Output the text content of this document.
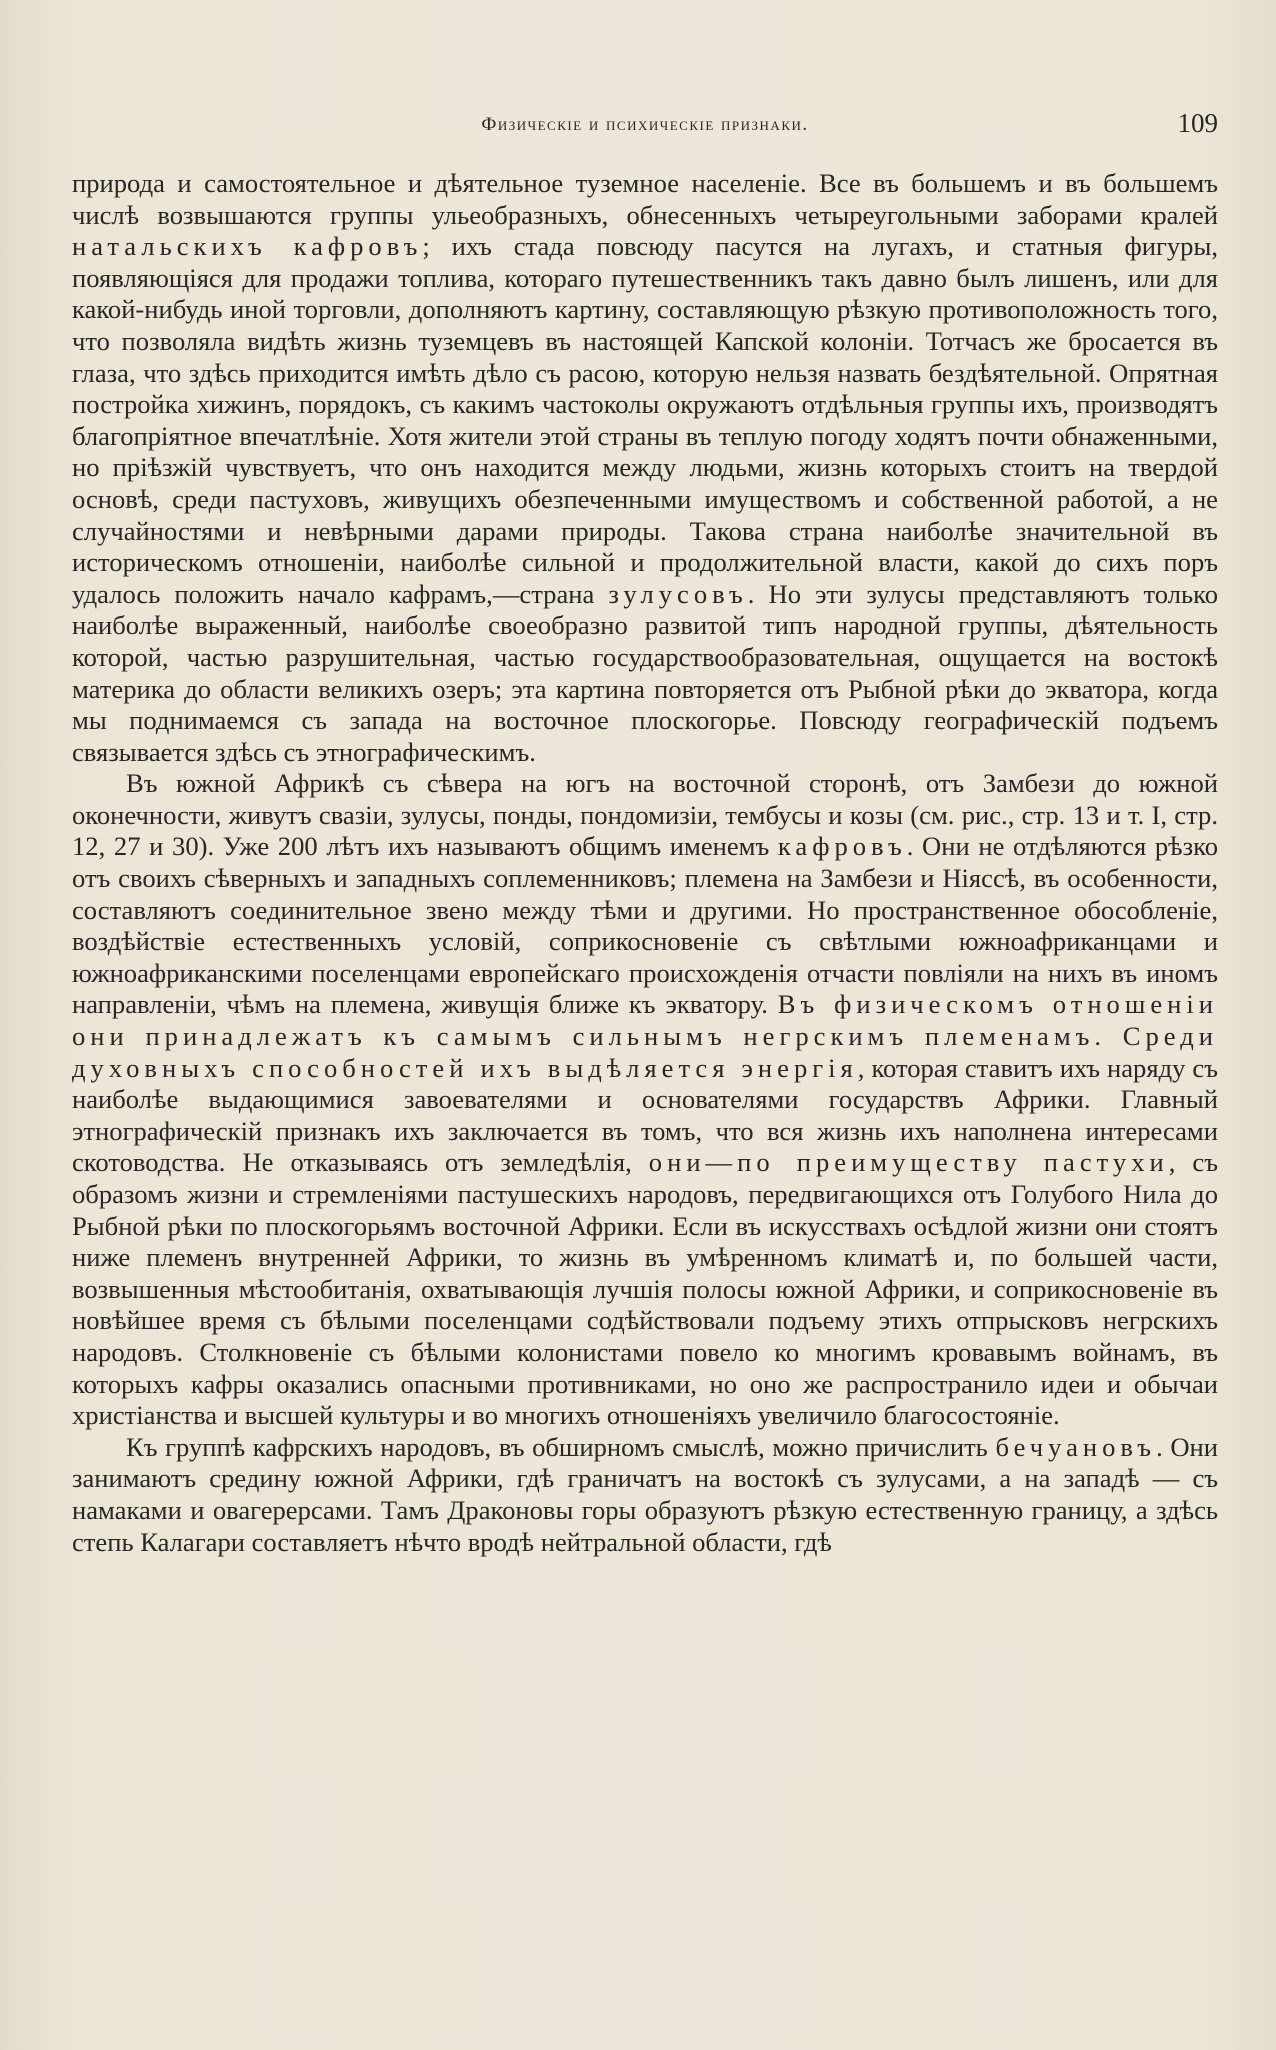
Физическіе и психическіе признаки.	109

природа и самостоятельное и дѣятельное туземное населеніе. Все въ большемъ и въ большемъ числѣ возвышаются группы ульеобразныхъ, обнесенныхъ четыреугольными заборами кралей натальскихъ кафровъ; ихъ стада повсюду пасутся на лугахъ, и статныя фигуры, появляющіяся для продажи топлива, котораго путешественникъ такъ давно былъ лишенъ, или для какой-нибудь иной торговли, дополняютъ картину, составляющую рѣзкую противоположность того, что позволяла видѣть жизнь туземцевъ въ настоящей Капской колоніи. Тотчасъ же бросается въ глаза, что здѣсь приходится имѣть дѣло съ расою, которую нельзя назвать бездѣятельной. Опрятная постройка хижинъ, порядокъ, съ какимъ частоколы окружаютъ отдѣльныя группы ихъ, производятъ благопріятное впечатлѣніе. Хотя жители этой страны въ теплую погоду ходятъ почти обнаженными, но пріѣзжій чувствуетъ, что онъ находится между людьми, жизнь которыхъ стоитъ на твердой основѣ, среди пастуховъ, живущихъ обезпеченными имуществомъ и собственной работой, а не случайностями и невѣрными дарами природы. Такова страна наиболѣе значительной въ историческомъ отношеніи, наиболѣе сильной и продолжительной власти, какой до сихъ поръ удалось положить начало кафрамъ,—страна зулусовъ. Но эти зулусы представляютъ только наиболѣе выраженный, наиболѣе своеобразно развитой типъ народной группы, дѣятельность которой, частью разрушительная, частью государствообразовательная, ощущается на востокѣ материка до области великихъ озеръ; эта картина повторяется отъ Рыбной рѣки до экватора, когда мы поднимаемся съ запада на восточное плоскогорье. Повсюду географическій подъемъ связывается здѣсь съ этнографическимъ.

Въ южной Африкѣ съ сѣвера на югъ на восточной сторонѣ, отъ Замбези до южной оконечности, живутъ свазіи, зулусы, понды, пондомизіи, тембусы и козы (см. рис., стр. 13 и т. I, стр. 12, 27 и 30). Уже 200 лѣтъ ихъ называютъ общимъ именемъ кафровъ. Они не отдѣляются рѣзко отъ своихъ сѣверныхъ и западныхъ соплеменниковъ; племена на Замбези и Ніяссѣ, въ особенности, составляютъ соединительное звено между тѣми и другими. Но пространственное обособленіе, воздѣйствіе естественныхъ условій, соприкосновеніе съ свѣтлыми южноафриканцами и южноафриканскими поселенцами европейскаго происхожденія отчасти повліяли на нихъ въ иномъ направленіи, чѣмъ на племена, живущія ближе къ экватору. Въ физическомъ отношеніи они принадлежатъ къ самымъ сильнымъ негрскимъ племенамъ. Среди духовныхъ способностей ихъ выдѣляется энергія, которая ставитъ ихъ наряду съ наиболѣе выдающимися завоевателями и основателями государствъ Африки. Главный этнографическій признакъ ихъ заключается въ томъ, что вся жизнь ихъ наполнена интересами скотоводства. Не отказываясь отъ земледѣлія, они—по преимуществу пастухи, съ образомъ жизни и стремленіями пастушескихъ народовъ, передвигающихся отъ Голубого Нила до Рыбной рѣки по плоскогорьямъ восточной Африки. Если въ искусствахъ осѣдлой жизни они стоятъ ниже племенъ внутренней Африки, то жизнь въ умѣренномъ климатѣ и, по большей части, возвышенныя мѣстообитанія, охватывающія лучшія полосы южной Африки, и соприкосновеніе въ новѣйшее время съ бѣлыми поселенцами содѣйствовали подъему этихъ отпрысковъ негрскихъ народовъ. Столкновеніе съ бѣлыми колонистами повело ко многимъ кровавымъ войнамъ, въ которыхъ кафры оказались опасными противниками, но оно же распространило идеи и обычаи христіанства и высшей культуры и во многихъ отношеніяхъ увеличило благосостояніе.

Къ группѣ кафрскихъ народовъ, въ обширномъ смыслѣ, можно причислить бечуановъ. Они занимаютъ средину южной Африки, гдѣ граничатъ на востокѣ съ зулусами, а на западѣ — съ намаками и овагерерсами. Тамъ Драконовы горы образуютъ рѣзкую естественную границу, а здѣсь степь Калагари составляетъ нѣчто вродѣ нейтральной области, гдѣ
